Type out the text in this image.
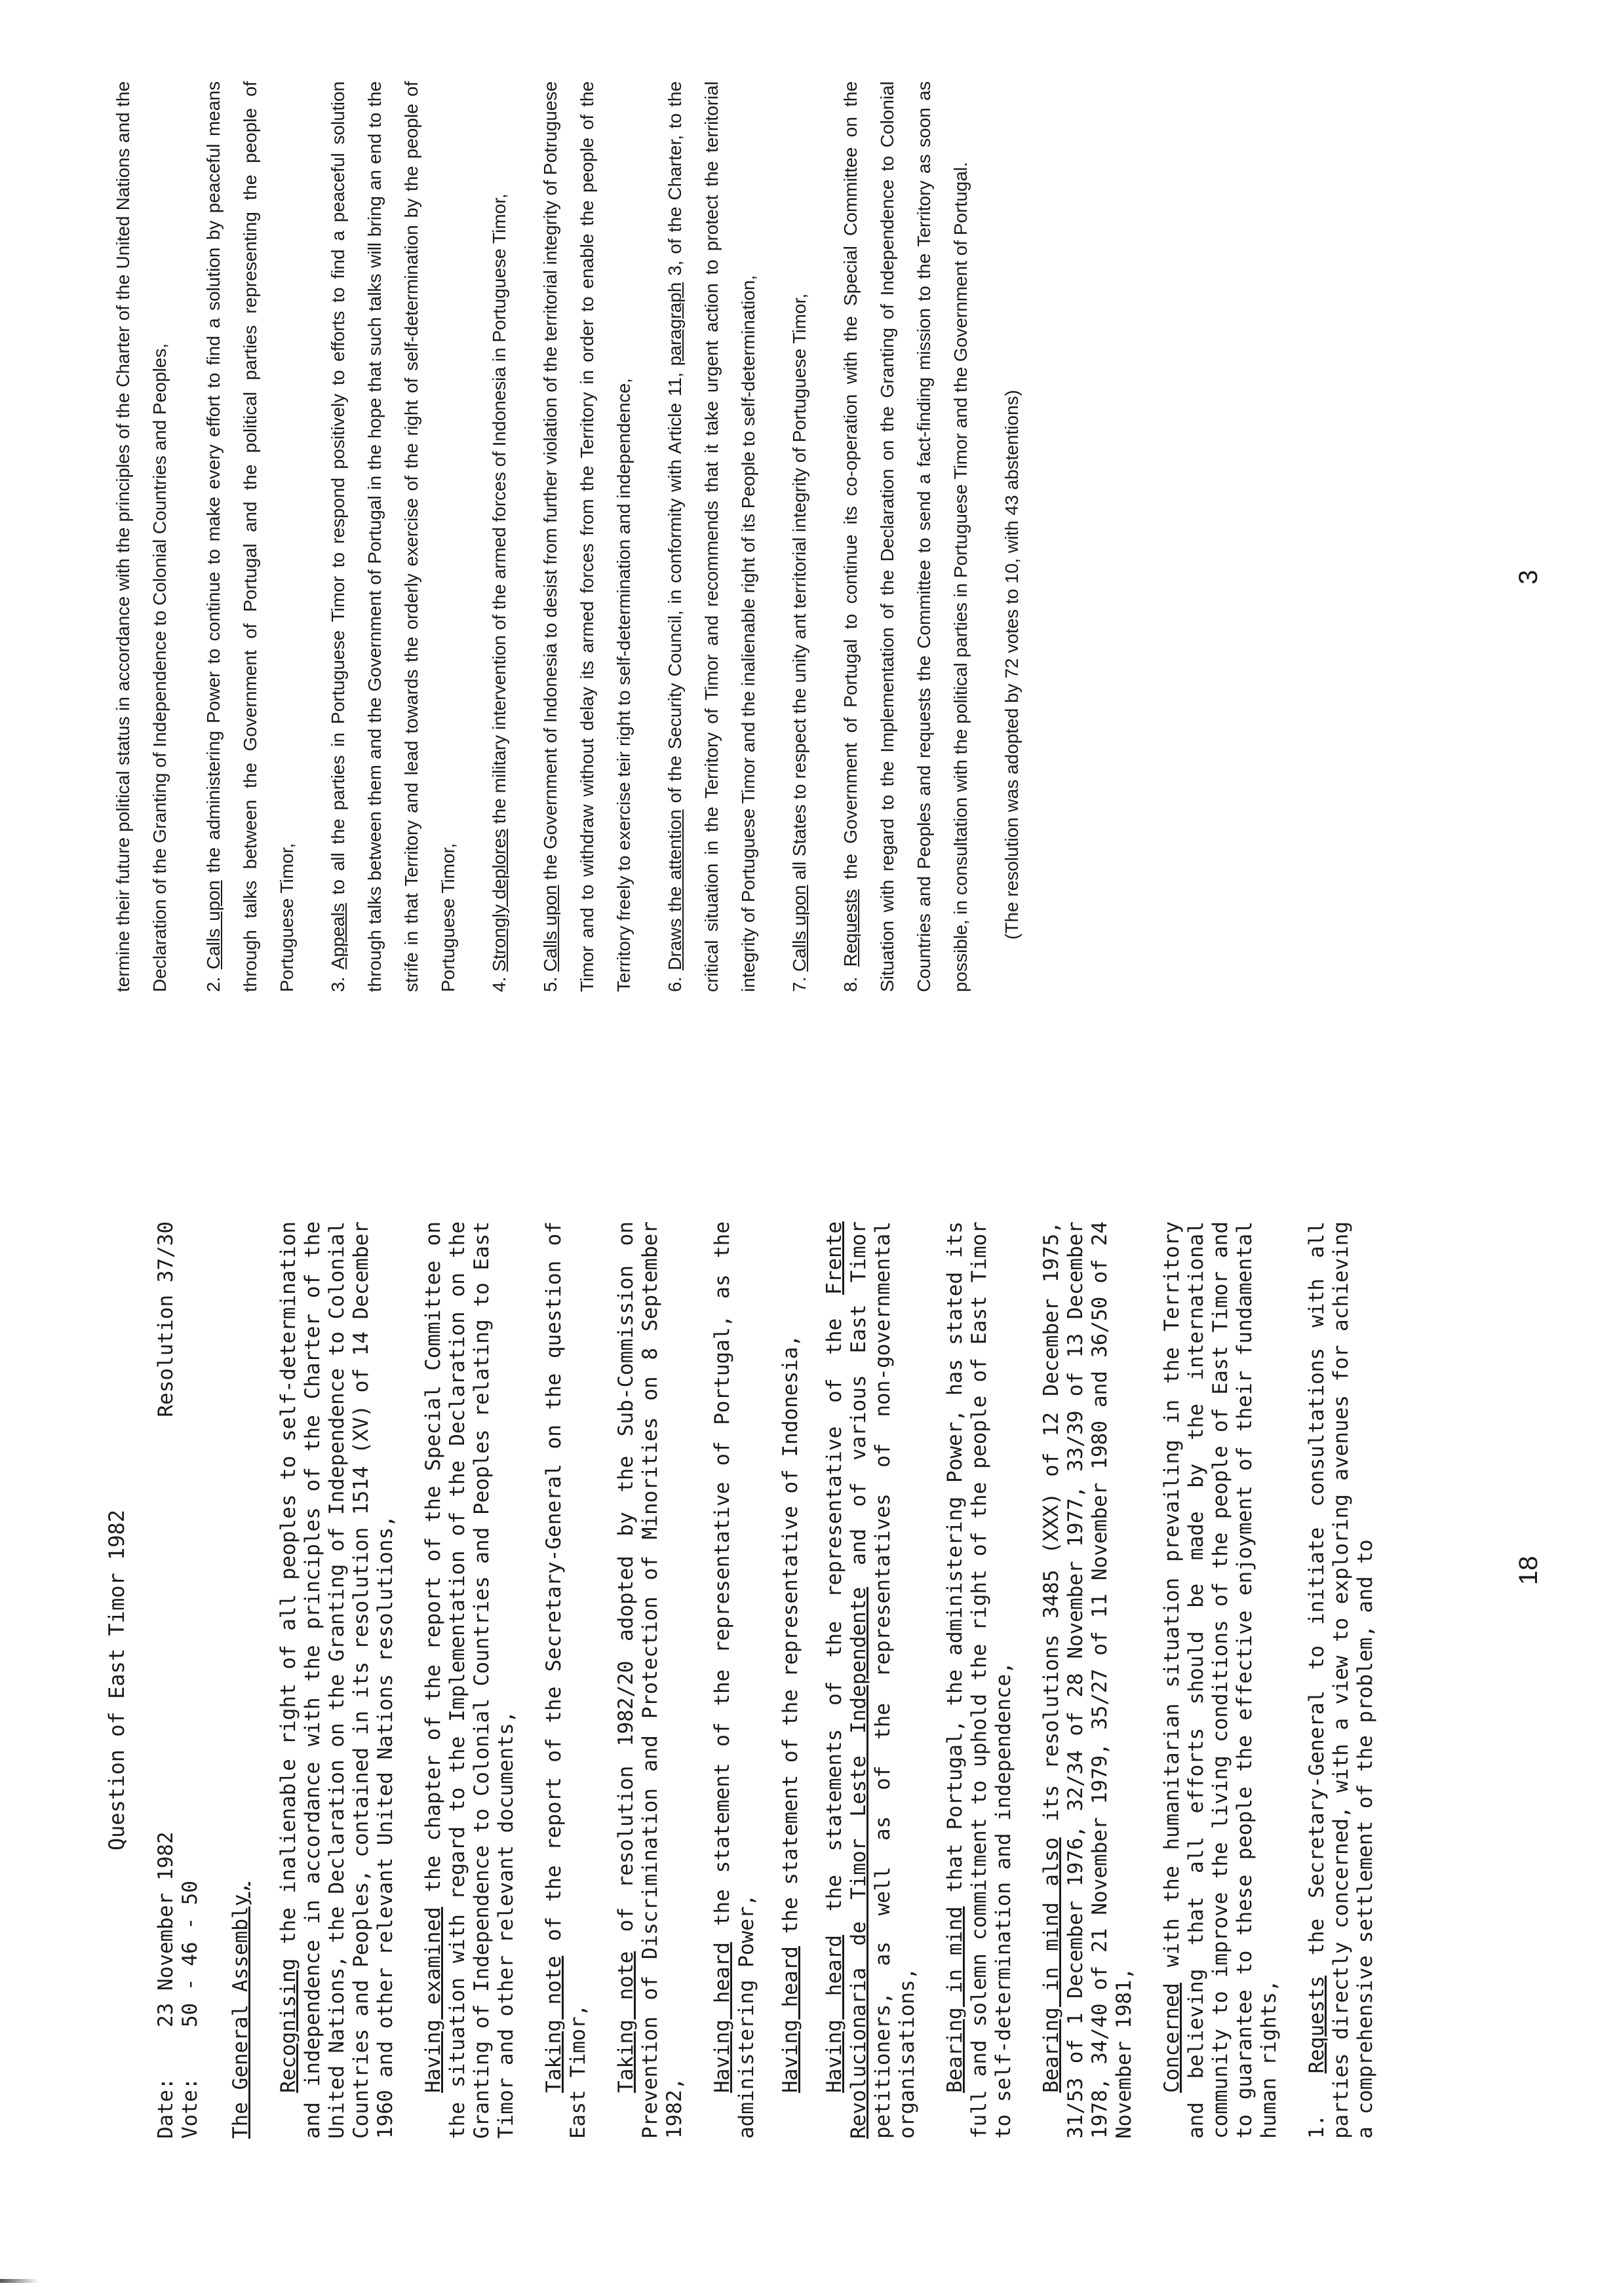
Question of East Timor 1982
Date:
23 November 1982
Vote:
50 - 46 - 50
Resolution 37/30

The General Assembly, Recognising the inalienable right of all peoples to self-determination and independence in accordance with the principles of the Charter of the United Nations, the Declaration on the Granting of Independence to Colonial Countries and Peoples, contained in its resolution 1514 (XV) of 14 December 1960 and other relevant United Nations resolutions, Having examined the chapter of the report of the Special Committee on the situation with regard to the Implementation of the Declaration on the Granting of Independence to Colonial Countries and Peoples relating to East Timor and other relevant documents, Taking note of the report of the Secretary-General on the question of East Timor, Taking note of resolution 1982/20 adopted by the Sub-Commission on Prevention of Discrimination and Protection of Minorities on 8 September 1982,

Having heard the statement of the representative of Portugal, as the administering Power, Having heard the statement of the representative of Indonesia,

Having heard the statements of the representative of the Frente Revolucionaria de Timor Leste Independente and of various East Timor petitioners, as well as of the representatives of non-governmental organisations, Bearing in mind that Portugal, the administering Power, has stated its full and solemn commitment to uphold the right of the people of East Timor to self-determination and independence, Bearing in mind also its resolutions 3485 (XXX) of 12 December 1975, 31/53 of 1 December 1976, 32/34 of 28 November 1977, 33/39 of 13 December 1978, 34/40 of 21 November 1979, 35/27 of 11 November 1980 and 36/50 of 24 November 1981, Concerned with the humanitarian situation prevailing in the Territory and believing that all efforts should be made by the international community to improve the living conditions of the people of East Timor and to guarantee to these people the effective enjoyment of their fundamental human rights, 1.  Requests the Secretary-General to initiate consultations with all parties directly concerned, with a view to exploring avenues for achieving a comprehensive settlement of the problem, and to	18

termine their future political status in accordance with the principles of the Charter of the United Nations and the Declaration of the Granting of Independence to Colonial Countries and Peoples,	2. Calls upon the administering Power to continue to make every effort to find a solution by peaceful means through talks between the Government of Portugal and the political parties representing the people of Portuguese Timor,	3. Appeals to all the parties in Portuguese Timor to respond positively to efforts to find a peaceful solution through talks between them and the Government of Portugal in the hope that such talks will bring an end to the strife in that Territory and lead towards the orderly exercise of the right of self-determination by the people of Portuguese Timor,	4. Strongly deplores the military intervention of the armed forces of Indonesia in Portuguese Timor,

5. Calls upon the Government of Indonesia to desist from further violation of the territorial integrity of Potruguese Timor and to withdraw without delay its armed forces from the Territory in order to enable the people of the Territory freely to exercise teir right to self-determination and independence,	6. Draws the attention of the Security Council, in conformity with Article 11, paragraph 3, of the Charter, to the critical situation in the Territory of Timor and recommends that it take urgent action to protect the territorial integrity of Portuguese Timor and the inalienable right of its People to self-determination,	7. Calls upon all States to respect the unity ant territorial integrity of Portuguese Timor,

8. Requests the Government of Portugal to continue its co-operation with the Special Committee on the Situation with regard to the Implementation of the Declaration on the Granting of Independence to Colonial Countries and Peoples and requests the Committee to send a fact-finding mission to the Territory as soon as possible, in consultation with the political parties in Portuguese Timor and the Government of Portugal.	(The resolution was adopted by 72 votes to 10, with 43 abstentions)	3
